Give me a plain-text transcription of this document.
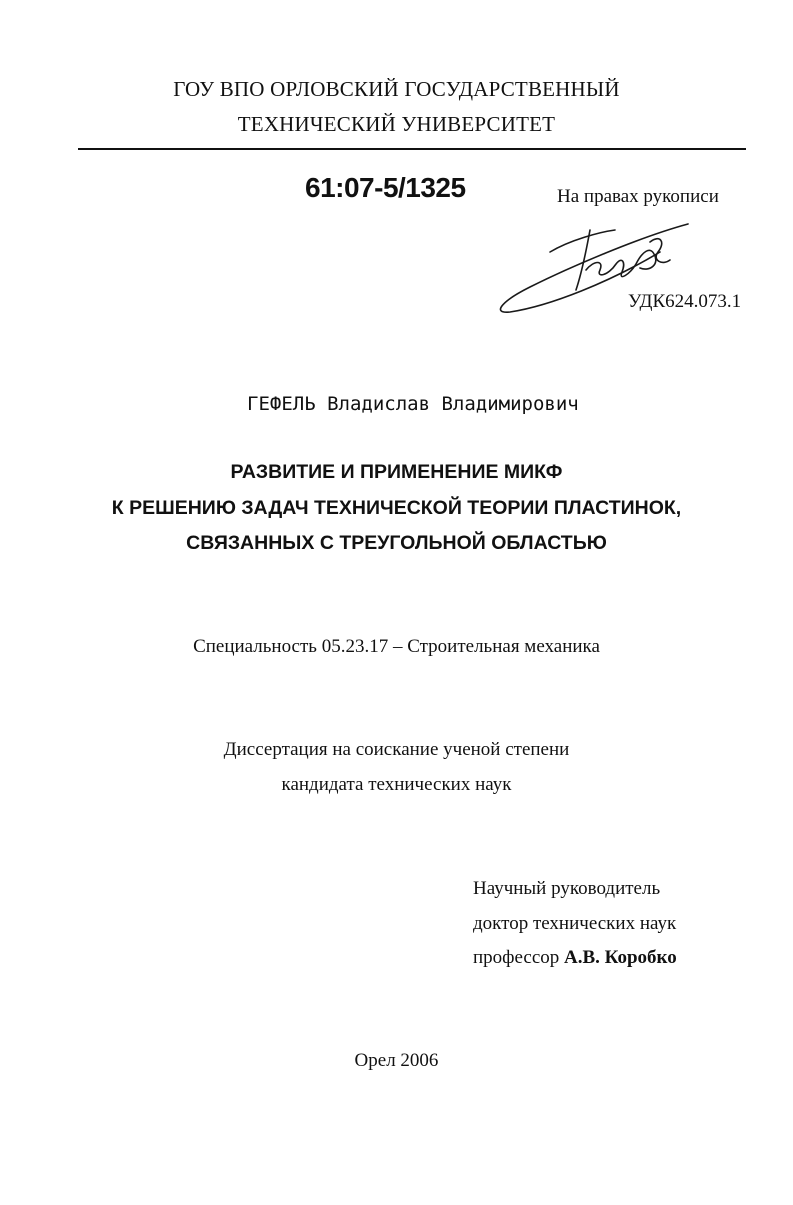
ГОУ ВПО ОРЛОВСКИЙ ГОСУДАРСТВЕННЫЙ
ТЕХНИЧЕСКИЙ УНИВЕРСИТЕТ
61:07-5/1325	На правах рукописи
УДК624.073.1
ГЕФЕЛЬ Владислав Владимирович
РАЗВИТИЕ И ПРИМЕНЕНИЕ МИКФ
К РЕШЕНИЮ ЗАДАЧ ТЕХНИЧЕСКОЙ ТЕОРИИ ПЛАСТИНОК,
СВЯЗАННЫХ С ТРЕУГОЛЬНОЙ ОБЛАСТЬЮ
Специальность 05.23.17 – Строительная механика
Диссертация на соискание ученой степени
кандидата технических наук
Научный руководитель
доктор технических наук
профессор А.В. Коробко
Орел 2006
